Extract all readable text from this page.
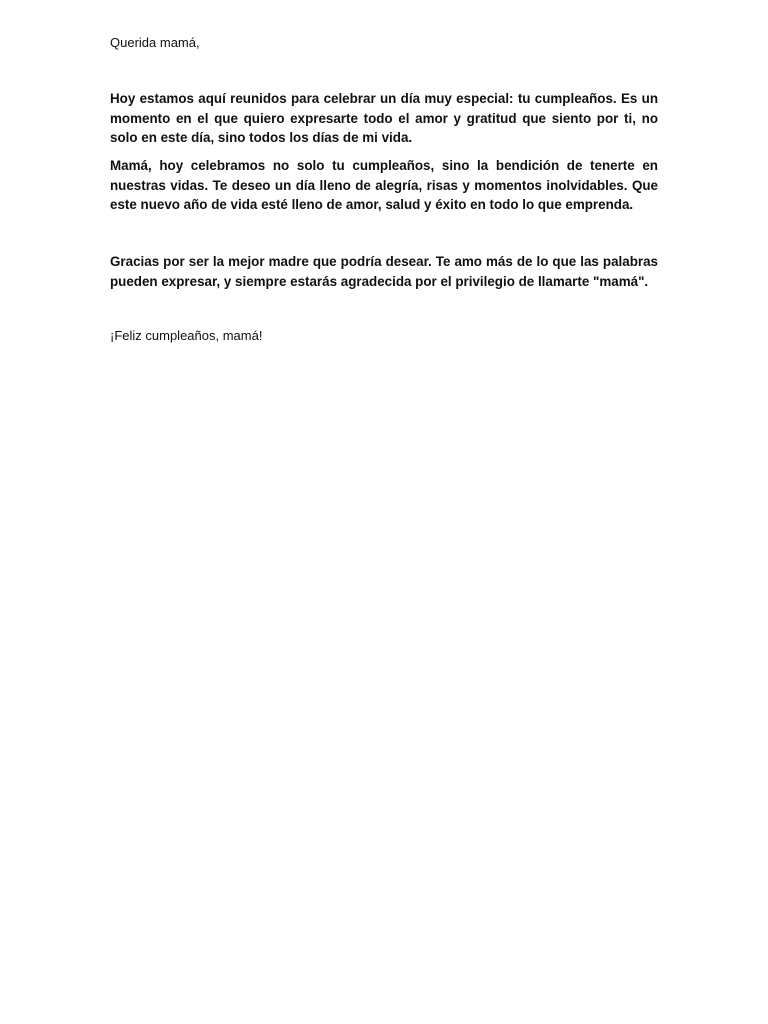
Querida mamá,

Hoy estamos aquí reunidos para celebrar un día muy especial: tu cumpleaños. Es un momento en el que quiero expresarte todo el amor y gratitud que siento por ti, no solo en este día, sino todos los días de mi vida.

Mamá, hoy celebramos no solo tu cumpleaños, sino la bendición de tenerte en nuestras vidas. Te deseo un día lleno de alegría, risas y momentos inolvidables. Que este nuevo año de vida esté lleno de amor, salud y éxito en todo lo que emprenda.

Gracias por ser la mejor madre que podría desear. Te amo más de lo que las palabras pueden expresar, y siempre estarás agradecida por el privilegio de llamarte "mamá".

¡Feliz cumpleaños, mamá!
